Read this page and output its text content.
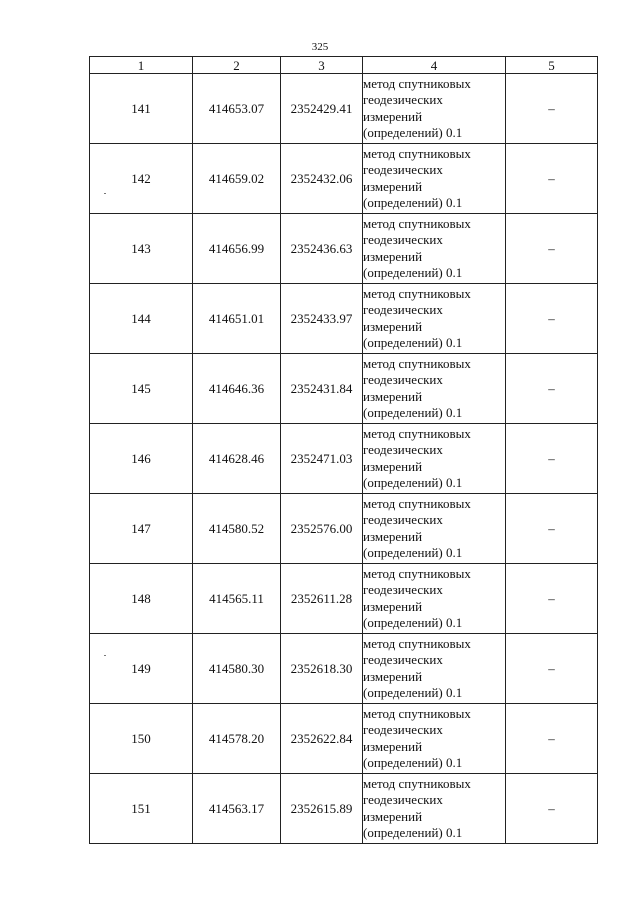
325
1	2	3	4	5
141	414653.07	2352429.41	метод спутниковых геодезических измерений (определений) 0.1	–
142	414659.02	2352432.06	метод спутниковых геодезических измерений (определений) 0.1	–
143	414656.99	2352436.63	метод спутниковых геодезических измерений (определений) 0.1	–
144	414651.01	2352433.97	метод спутниковых геодезических измерений (определений) 0.1	–
145	414646.36	2352431.84	метод спутниковых геодезических измерений (определений) 0.1	–
146	414628.46	2352471.03	метод спутниковых геодезических измерений (определений) 0.1	–
147	414580.52	2352576.00	метод спутниковых геодезических измерений (определений) 0.1	–
148	414565.11	2352611.28	метод спутниковых геодезических измерений (определений) 0.1	–
149	414580.30	2352618.30	метод спутниковых геодезических измерений (определений) 0.1	–
150	414578.20	2352622.84	метод спутниковых геодезических измерений (определений) 0.1	–
151	414563.17	2352615.89	метод спутниковых геодезических измерений (определений) 0.1	–
